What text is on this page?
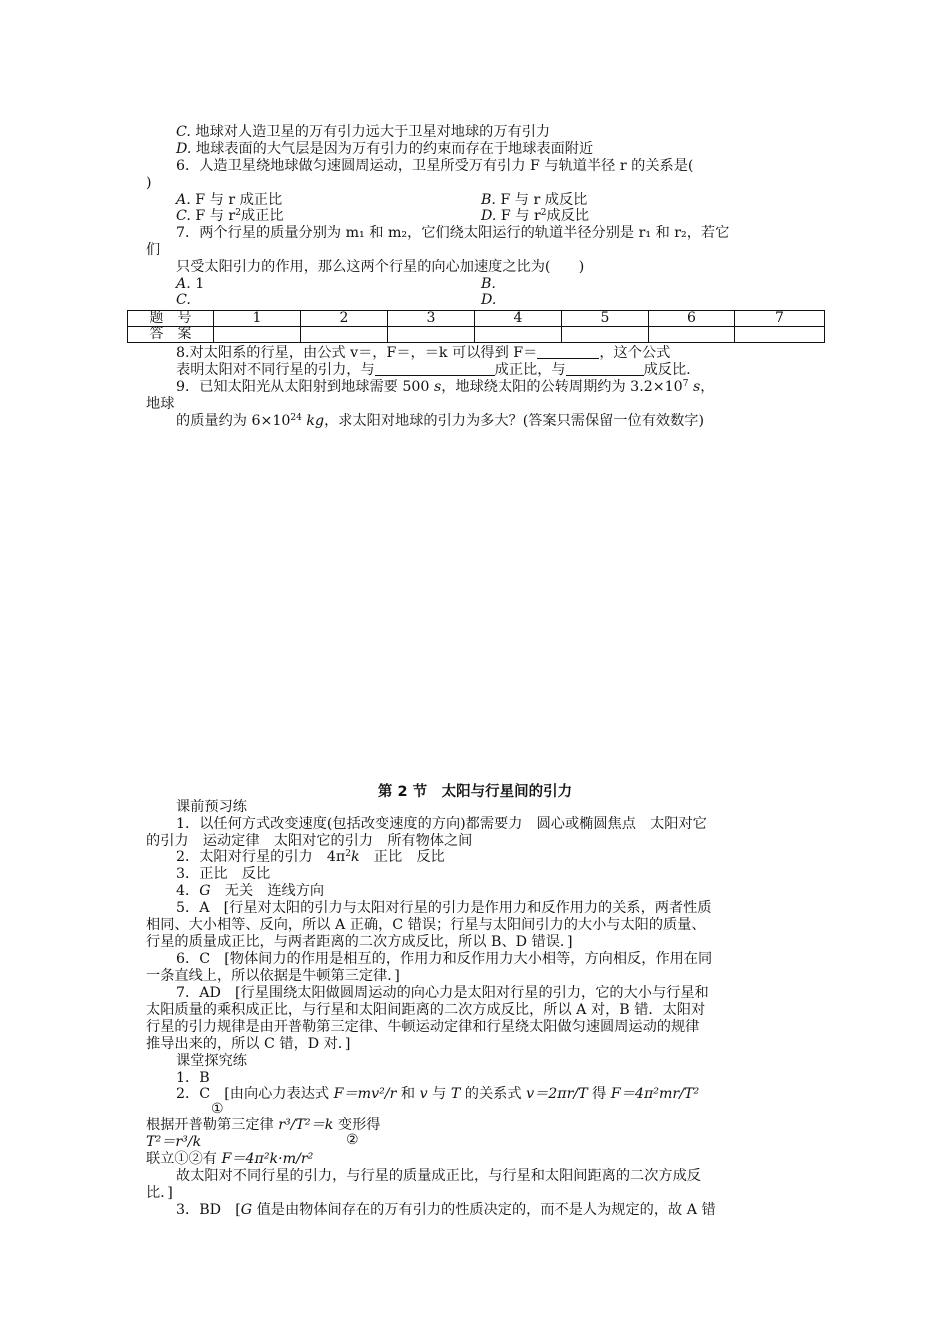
C. 地球对人造卫星的万有引力远大于卫星对地球的万有引力
D. 地球表面的大气层是因为万有引力的约束而存在于地球表面附近
6．人造卫星绕地球做匀速圆周运动，卫星所受万有引力 F 与轨道半径 r 的关系是(
)
A. F 与 r 成正比	B. F 与 r 成反比
C. F 与 $r^2$成正比	D. F 与 $r^2$成反比
7．两个行星的质量分别为 m₁ 和 m₂，它们绕太阳运行的轨道半径分别是 r₁ 和 r₂，若它
们
只受太阳引力的作用，那么这两个行星的向心加速度之比为(　　)
A. 1	B.
C.	D.
题　号	1	2	3	4	5	6	7
答　案							
8.对太阳系的行星，由公式 v＝，F＝，＝k 可以得到 F＝	，这个公式
表明太阳对不同行星的引力，与	成正比，与	成反比.
9．已知太阳光从太阳射到地球需要 500 s，地球绕太阳的公转周期约为 $3.2\times 10^7$ s，
地球
的质量约为 $6\times 10^{24}$ kg，求太阳对地球的引力为多大？(答案只需保留一位有效数字)
第 2 节　太阳与行星间的引力
课前预习练
1．以任何方式改变速度(包括改变速度的方向)都需要力　圆心或椭圆焦点　太阳对它
的引力　运动定律　太阳对它的引力　所有物体之间
2．太阳对行星的引力　$4\pi^2k$　正比　反比
3．正比　反比
4．G　无关　连线方向
5．A　[行星对太阳的引力与太阳对行星的引力是作用力和反作用力的关系，两者性质
相同、大小相等、反向，所以 A 正确，C 错误；行星与太阳间引力的大小与太阳的质量、
行星的质量成正比，与两者距离的二次方成反比，所以 B、D 错误．]
6．C　[物体间力的作用是相互的，作用力和反作用力大小相等，方向相反，作用在同
一条直线上，所以依据是牛顿第三定律．]
7．AD　[行星围绕太阳做圆周运动的向心力是太阳对行星的引力，它的大小与行星和
太阳质量的乘积成正比，与行星和太阳间距离的二次方成反比，所以 A 对，B 错．太阳对
行星的引力规律是由开普勒第三定律、牛顿运动定律和行星绕太阳做匀速圆周运动的规律
推导出来的，所以 C 错，D 对．]
课堂探究练
1．B
2．C　[由向心力表达式 F＝mv²/r 和 v 与 T 的关系式 v＝2πr/T 得 F＝4π²mr/T²
①
根据开普勒第三定律 r³/T²＝k 变形得
T²＝r³/k	②
联立①②有 F＝4π²k·m/r²
故太阳对不同行星的引力，与行星的质量成正比，与行星和太阳间距离的二次方成反
比．]
3．BD　[G 值是由物体间存在的万有引力的性质决定的，而不是人为规定的，故 A 错
